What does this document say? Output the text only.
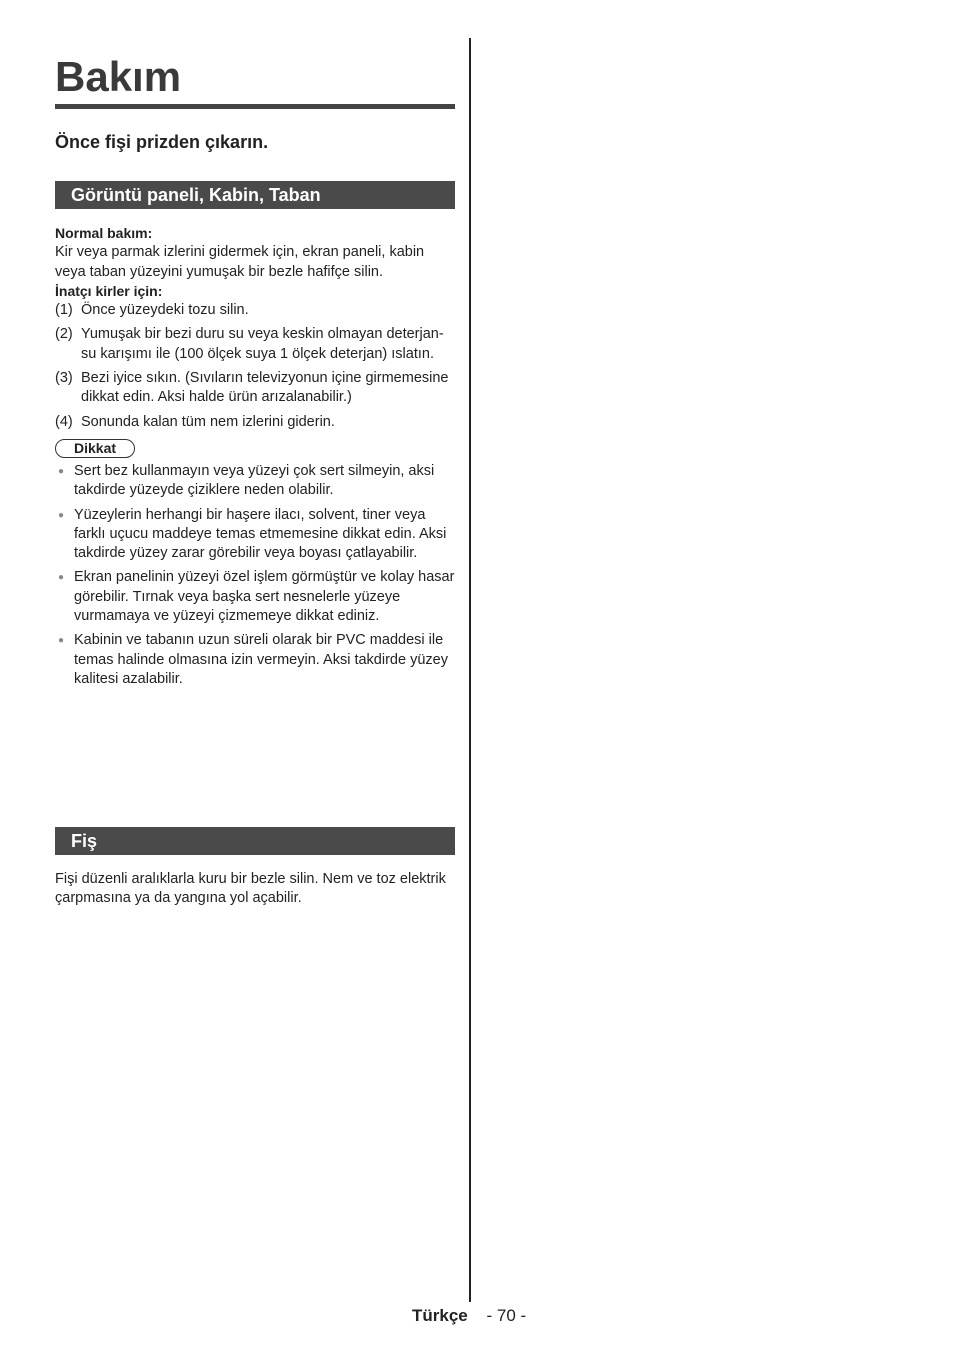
Bakım

Önce fişi prizden çıkarın.

Görüntü paneli, Kabin, Taban

Normal bakım:

Kir veya parmak izlerini gidermek için, ekran paneli, kabin veya taban yüzeyini yumuşak bir bezle hafifçe silin.

İnatçı kirler için:

(1) Önce yüzeydeki tozu silin.
(2) Yumuşak bir bezi duru su veya keskin olmayan deterjan-su karışımı ile (100 ölçek suya 1 ölçek deterjan) ıslatın.
(3) Bezi iyice sıkın. (Sıvıların televizyonun içine girmemesine dikkat edin. Aksi halde ürün arızalanabilir.)
(4) Sonunda kalan tüm nem izlerini giderin.
Dikkat
● Sert bez kullanmayın veya yüzeyi çok sert silmeyin, aksi takdirde yüzeyde çiziklere neden olabilir.
● Yüzeylerin herhangi bir haşere ilacı, solvent, tiner veya farklı uçucu maddeye temas etmemesine dikkat edin. Aksi takdirde yüzey zarar görebilir veya boyası çatlayabilir.
● Ekran panelinin yüzeyi özel işlem görmüştür ve kolay hasar görebilir. Tırnak veya başka sert nesnelerle yüzeye vurmamaya ve yüzeyi çizmemeye dikkat ediniz.
● Kabinin ve tabanın uzun süreli olarak bir PVC maddesi ile temas halinde olmasına izin vermeyin. Aksi takdirde yüzey kalitesi azalabilir.
Fiş

Fişi düzenli aralıklarla kuru bir bezle silin. Nem ve toz elektrik çarpmasına ya da yangına yol açabilir.

Türkçe - 70 -
